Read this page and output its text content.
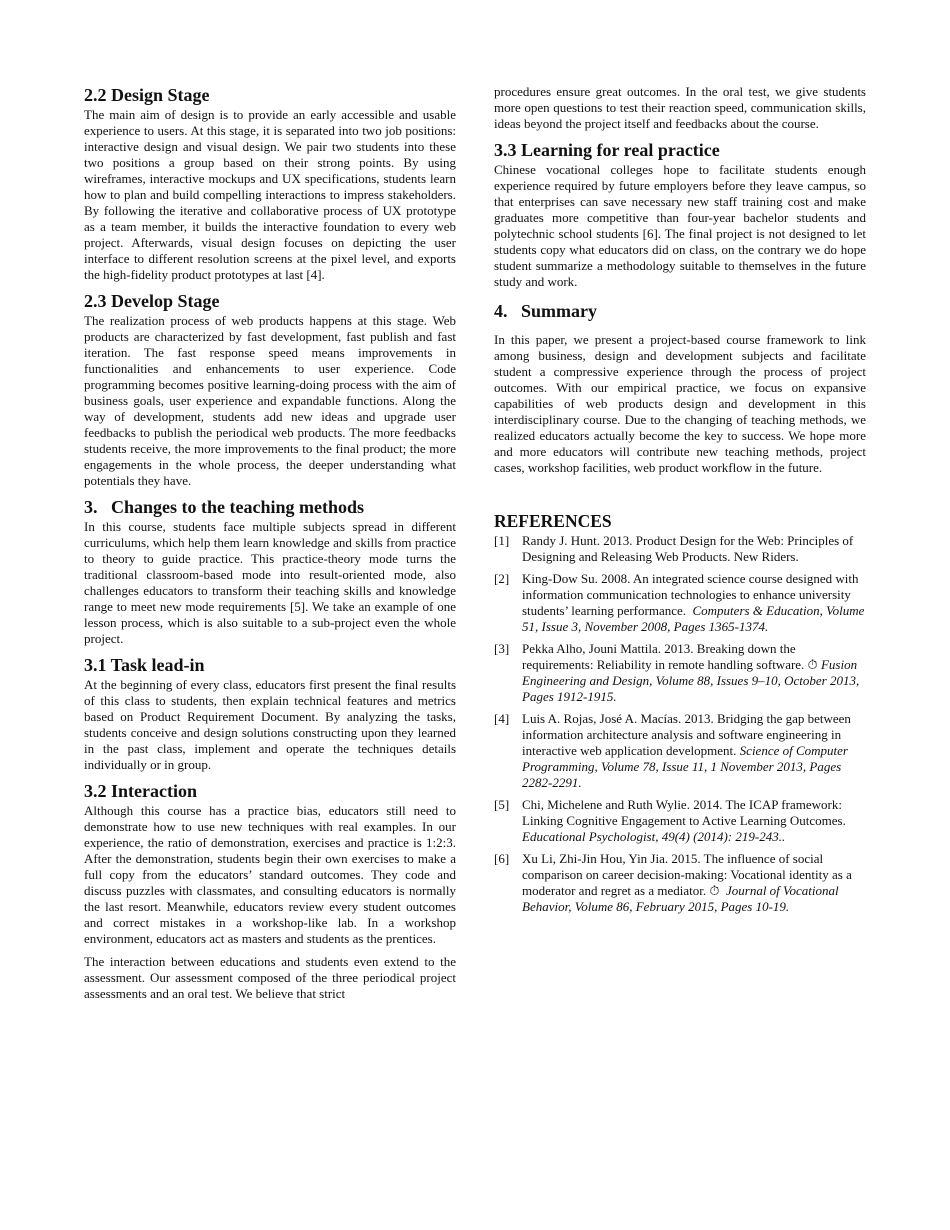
2.2 Design Stage

The main aim of design is to provide an early accessible and usable experience to users. At this stage, it is separated into two job positions: interactive design and visual design. We pair two students into these two positions a group based on their strong points. By using wireframes, interactive mockups and UX specifications, students learn how to plan and build compelling interactions to impress stakeholders. By following the iterative and collaborative process of UX prototype as a team member, it builds the interactive foundation to every web project. Afterwards, visual design focuses on depicting the user interface to different resolution screens at the pixel level, and exports the high-fidelity product prototypes at last [4].

2.3 Develop Stage

The realization process of web products happens at this stage. Web products are characterized by fast development, fast publish and fast iteration. The fast response speed means improvements in functionalities and enhancements to user experience. Code programming becomes positive learning-doing process with the aim of business goals, user experience and expandable functions. Along the way of development, students add new ideas and upgrade user feedbacks to publish the periodical web products. The more feedbacks students receive, the more improvements to the final product; the more engagements in the whole process, the deeper understanding what potentials they have.

3.   Changes to the teaching methods

In this course, students face multiple subjects spread in different curriculums, which help them learn knowledge and skills from practice to theory to guide practice. This practice-theory mode turns the traditional classroom-based mode into result-oriented mode, also challenges educators to transform their teaching skills and knowledge range to meet new mode requirements [5]. We take an example of one lesson process, which is also suitable to a sub-project even the whole project.

3.1 Task lead-in

At the beginning of every class, educators first present the final results of this class to students, then explain technical features and metrics based on Product Requirement Document. By analyzing the tasks, students conceive and design solutions constructing upon they learned in the past class, implement and operate the techniques details individually or in group.

3.2 Interaction

Although this course has a practice bias, educators still need to demonstrate how to use new techniques with real examples. In our experience, the ratio of demonstration, exercises and practice is 1:2:3. After the demonstration, students begin their own exercises to make a full copy from the educators’ standard outcomes. They code and discuss puzzles with classmates, and consulting educators is normally the last resort. Meanwhile, educators review every student outcomes and correct mistakes in a workshop-like lab. In a workshop environment, educators act as masters and students as the prentices.

The interaction between educations and students even extend to the assessment. Our assessment composed of the three periodical project assessments and an oral test. We believe that strict

procedures ensure great outcomes. In the oral test, we give students more open questions to test their reaction speed, communication skills, ideas beyond the project itself and feedbacks about the course.

3.3 Learning for real practice

Chinese vocational colleges hope to facilitate students enough experience required by future employers before they leave campus, so that enterprises can save necessary new staff training cost and make graduates more competitive than four-year bachelor students and polytechnic school students [6]. The final project is not designed to let students copy what educators did on class, on the contrary we do hope student summarize a methodology suitable to themselves in the future study and work.

4.   Summary

In this paper, we present a project-based course framework to link among business, design and development subjects and facilitate student a compressive experience through the process of project outcomes. With our empirical practice, we focus on expansive capabilities of web products design and development in this interdisciplinary course. Due to the changing of teaching methods, we realized educators actually become the key to success. We hope more and more educators will contribute new teaching methods, project cases, workshop facilities, web product workflow in the future.

REFERENCES
[1] Randy J. Hunt. 2013. Product Design for the Web: Principles of Designing and Releasing Web Products. New Riders.
[2] King-Dow Su. 2008. An integrated science course designed with information communication technologies to enhance university students’ learning performance.  Computers & Education, Volume 51, Issue 3, November 2008, Pages 1365-1374.
[3] Pekka Alho, Jouni Mattila. 2013. Breaking down the requirements: Reliability in remote handling software. ⏱ Fusion Engineering and Design, Volume 88, Issues 9–10, October 2013, Pages 1912-1915.
[4] Luis A. Rojas, José A. Macías. 2013. Bridging the gap between information architecture analysis and software engineering in interactive web application development. Science of Computer Programming, Volume 78, Issue 11, 1 November 2013, Pages 2282-2291.
[5] Chi, Michelene and Ruth Wylie. 2014. The ICAP framework: Linking Cognitive Engagement to Active Learning Outcomes. Educational Psychologist, 49(4) (2014): 219-243..
[6] Xu Li, Zhi-Jin Hou, Yin Jia. 2015. The influence of social comparison on career decision-making: Vocational identity as a moderator and regret as a mediator. ⏱  Journal of Vocational Behavior, Volume 86, February 2015, Pages 10-19.
